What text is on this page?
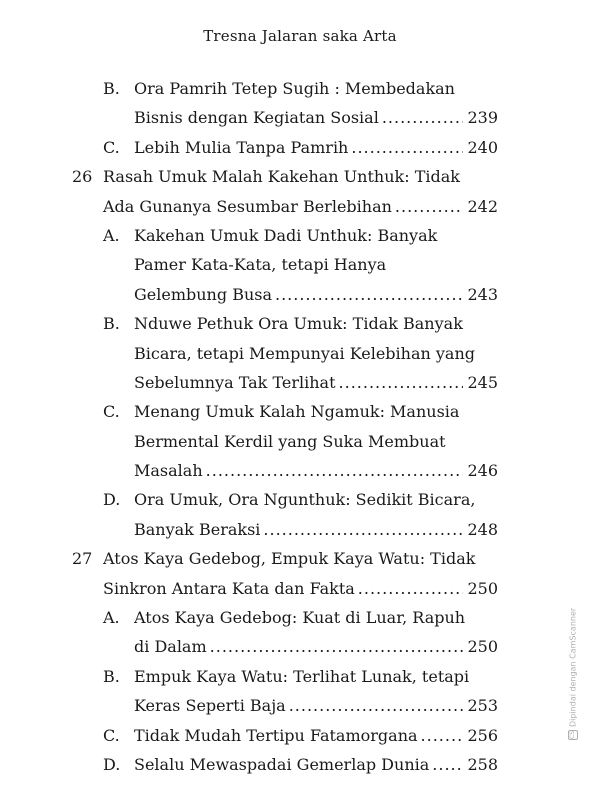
Tresna Jalaran saka Arta
B. Ora Pamrih Tetep Sugih : Membedakan
Bisnis dengan Kegiatan Sosial .....	239
C. Lebih Mulia Tanpa Pamrih .....	240
26 Rasah Umuk Malah Kakehan Unthuk: Tidak
Ada Gunanya Sesumbar Berlebihan .....	242
A. Kakehan Umuk Dadi Unthuk: Banyak
Pamer Kata-Kata, tetapi Hanya
Gelembung Busa .....	243
B. Nduwe Pethuk Ora Umuk: Tidak Banyak
Bicara, tetapi Mempunyai Kelebihan yang
Sebelumnya Tak Terlihat .....	245
C. Menang Umuk Kalah Ngamuk: Manusia
Bermental Kerdil yang Suka Membuat
Masalah .....	246
D. Ora Umuk, Ora Ngunthuk: Sedikit Bicara,
Banyak Beraksi .....	248
27 Atos Kaya Gedebog, Empuk Kaya Watu: Tidak
Sinkron Antara Kata dan Fakta .....	250
A. Atos Kaya Gedebog: Kuat di Luar, Rapuh
di Dalam .....	250
B. Empuk Kaya Watu: Terlihat Lunak, tetapi
Keras Seperti Baja .....	253
C. Tidak Mudah Tertipu Fatamorgana .....	256
D. Selalu Mewaspadai Gemerlap Dunia ..... 258
CSDipindai dengan CamScanner
